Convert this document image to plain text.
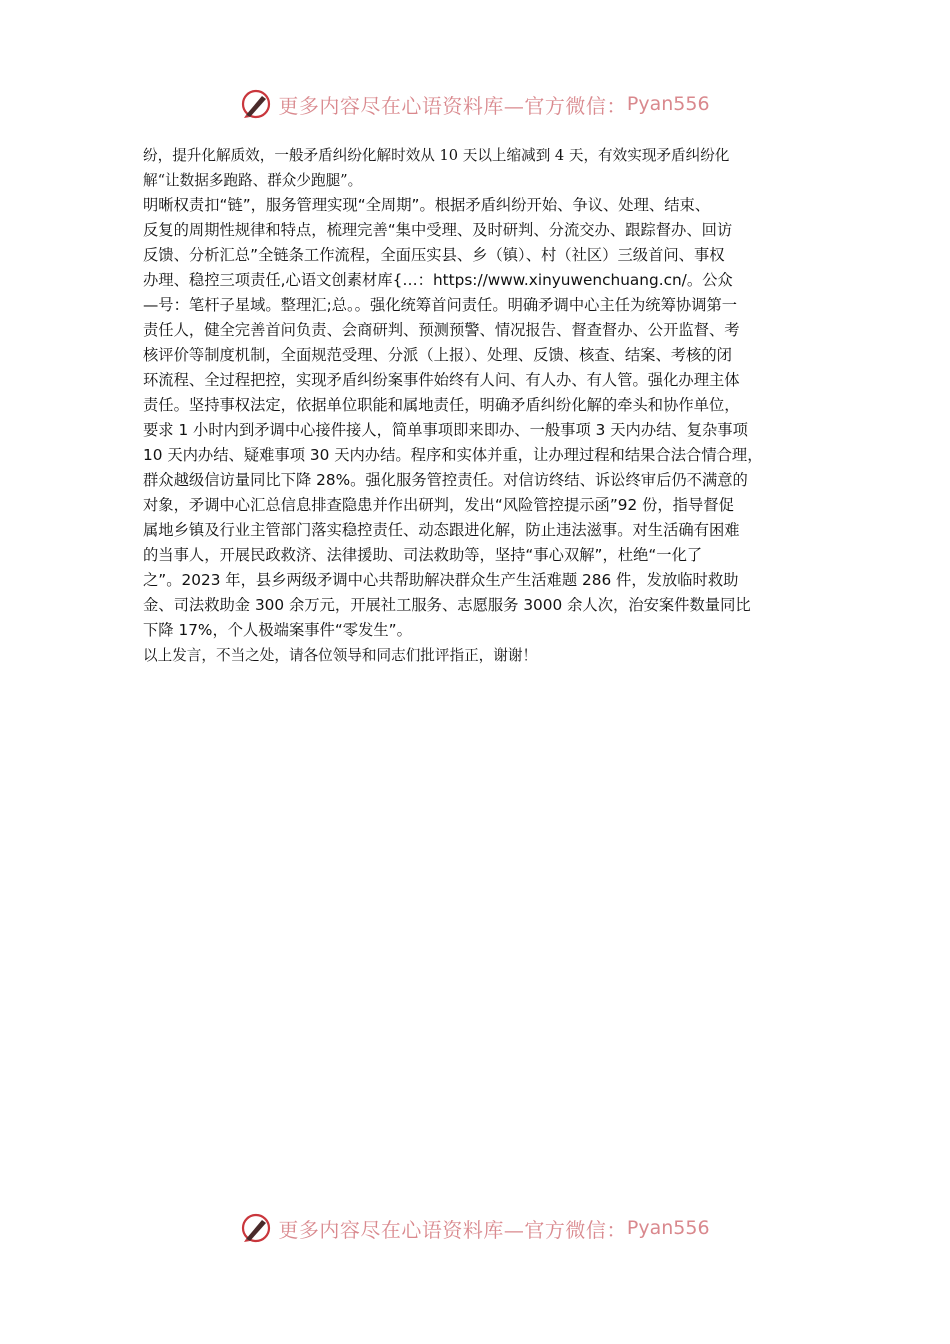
更多内容尽在心语资料库—官方微信： Pyan556

纷，提升化解质效，一般矛盾纠纷化解时效从 10 天以上缩减到 4 天，有效实现矛盾纠纷化
解“让数据多跑路、群众少跑腿”。

明晰权责扣“链”，服务管理实现“全周期”。根据矛盾纠纷开始、争议、处理、结束、
反复的周期性规律和特点，梳理完善“集中受理、及时研判、分流交办、跟踪督办、回访
反馈、分析汇总”全链条工作流程，全面压实县、乡（镇）、村（社区）三级首问、事权
办理、稳控三项责任,心语文创素材库{…：https://www.xinyuwenchuang.cn/。公众
—号：笔杆子星域。整理汇;总。。强化统筹首问责任。明确矛调中心主任为统筹协调第一
责任人，健全完善首问负责、会商研判、预测预警、情况报告、督查督办、公开监督、考
核评价等制度机制，全面规范受理、分派（上报）、处理、反馈、核查、结案、考核的闭
环流程、全过程把控，实现矛盾纠纷案事件始终有人问、有人办、有人管。强化办理主体
责任。坚持事权法定，依据单位职能和属地责任，明确矛盾纠纷化解的牵头和协作单位，
要求 1 小时内到矛调中心接件接人，简单事项即来即办、一般事项 3 天内办结、复杂事项
10 天内办结、疑难事项 30 天内办结。程序和实体并重，让办理过程和结果合法合情合理，
群众越级信访量同比下降 28%。强化服务管控责任。对信访终结、诉讼终审后仍不满意的
对象，矛调中心汇总信息排查隐患并作出研判，发出“风险管控提示函”92 份，指导督促
属地乡镇及行业主管部门落实稳控责任、动态跟进化解，防止违法滋事。对生活确有困难
的当事人，开展民政救济、法律援助、司法救助等，坚持“事心双解”，杜绝“一化了
之”。2023 年，县乡两级矛调中心共帮助解决群众生产生活难题 286 件，发放临时救助
金、司法救助金 300 余万元，开展社工服务、志愿服务 3000 余人次，治安案件数量同比
下降 17%，个人极端案事件“零发生”。

以上发言，不当之处，请各位领导和同志们批评指正，谢谢！

更多内容尽在心语资料库—官方微信： Pyan556
